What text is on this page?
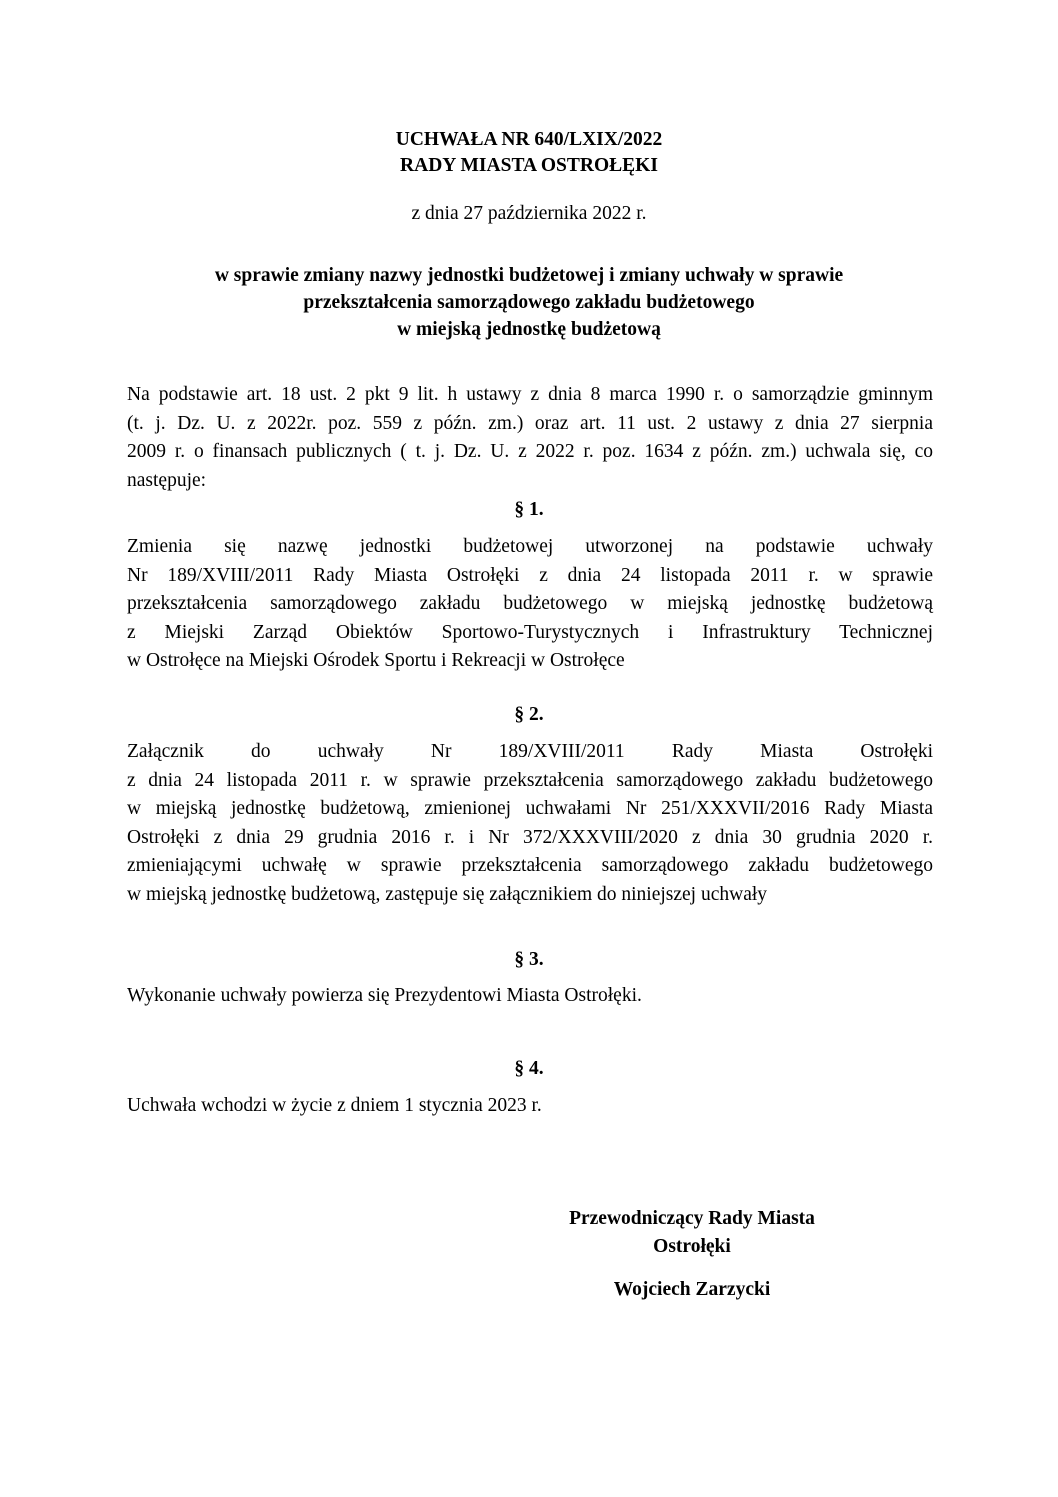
UCHWAŁA NR 640/LXIX/2022

RADY MIASTA OSTROŁĘKI

z dnia 27 października 2022 r.

w sprawie zmiany nazwy jednostki budżetowej i zmiany uchwały w sprawie

przekształcenia samorządowego zakładu budżetowego

w miejską jednostkę budżetową

Na podstawie art. 18 ust. 2 pkt 9 lit. h ustawy z dnia 8 marca 1990 r. o samorządzie gminnym
(t. j. Dz. U. z 2022r. poz. 559 z późn. zm.) oraz art. 11 ust. 2 ustawy z dnia 27 sierpnia
2009 r. o finansach publicznych ( t. j. Dz. U. z 2022 r. poz. 1634 z późn. zm.) uchwala się, co
następuje:

§ 1.

Zmienia się nazwę jednostki budżetowej utworzonej na podstawie uchwały
Nr 189/XVIII/2011 Rady Miasta Ostrołęki z dnia 24 listopada 2011 r. w sprawie
przekształcenia samorządowego zakładu budżetowego w miejską jednostkę budżetową
z Miejski Zarząd Obiektów Sportowo-Turystycznych i Infrastruktury Technicznej
w Ostrołęce na Miejski Ośrodek Sportu i Rekreacji w Ostrołęce

§ 2.

Załącznik do uchwały Nr 189/XVIII/2011 Rady Miasta Ostrołęki
z dnia 24 listopada 2011 r. w sprawie przekształcenia samorządowego zakładu budżetowego
w miejską jednostkę budżetową, zmienionej uchwałami Nr 251/XXXVII/2016 Rady Miasta
Ostrołęki z dnia 29 grudnia 2016 r. i Nr 372/XXXVIII/2020 z dnia 30 grudnia 2020 r.
zmieniającymi uchwałę w sprawie przekształcenia samorządowego zakładu budżetowego
w miejską jednostkę budżetową, zastępuje się załącznikiem do niniejszej uchwały

§ 3.

Wykonanie uchwały powierza się Prezydentowi Miasta Ostrołęki.

§ 4.

Uchwała wchodzi w życie z dniem 1 stycznia 2023 r.
Przewodniczący Rady Miasta
Ostrołęki

Wojciech Zarzycki
